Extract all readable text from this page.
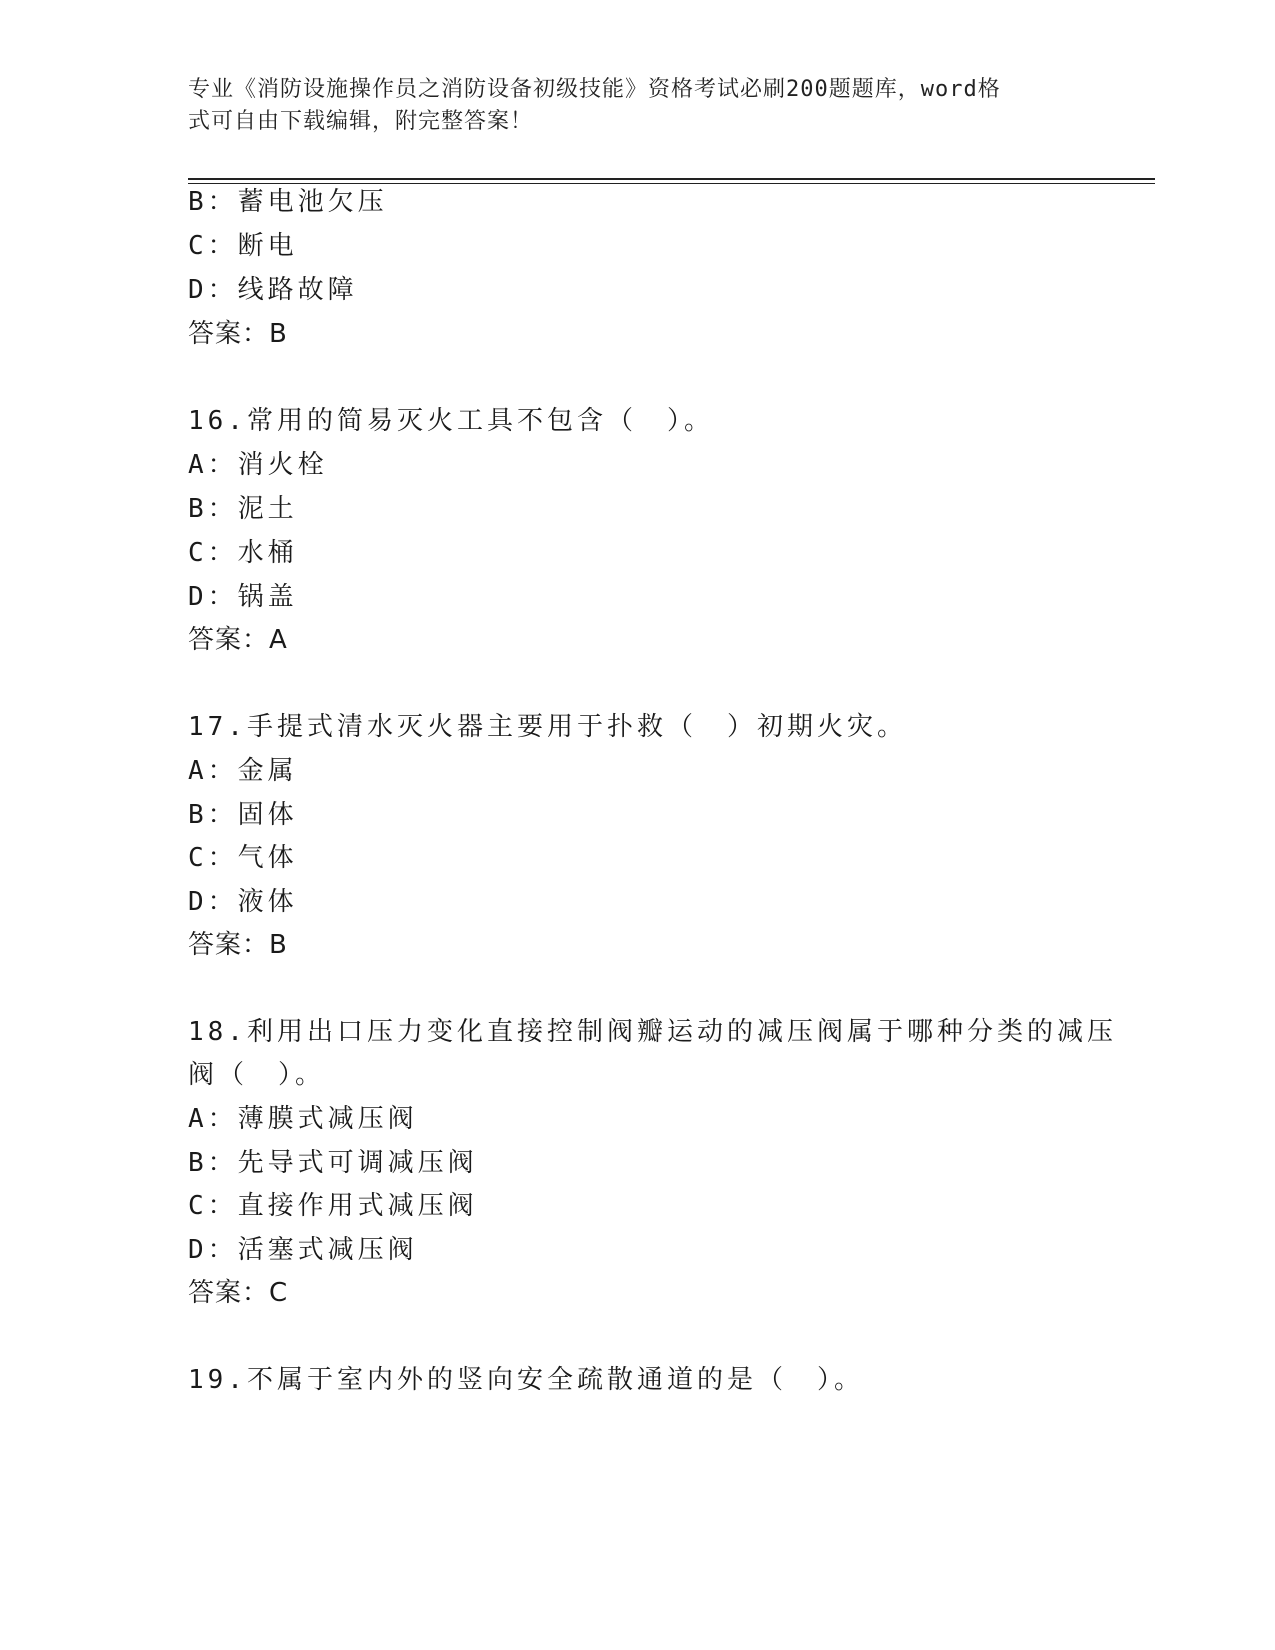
专业《消防设施操作员之消防设备初级技能》资格考试必刷200题题库，word格
式可自由下载编辑，附完整答案！
B：蓄电池欠压
C：断电
D：线路故障
答案：B
16.常用的简易灭火工具不包含（　）。
A：消火栓
B：泥土
C：水桶
D：锅盖
答案：A
17.手提式清水灭火器主要用于扑救（　）初期火灾。
A：金属
B：固体
C：气体
D：液体
答案：B
18.利用出口压力变化直接控制阀瓣运动的减压阀属于哪种分类的减压
阀（　）。
A：薄膜式减压阀
B：先导式可调减压阀
C：直接作用式减压阀
D：活塞式减压阀
答案：C
19.不属于室内外的竖向安全疏散通道的是（　）。
